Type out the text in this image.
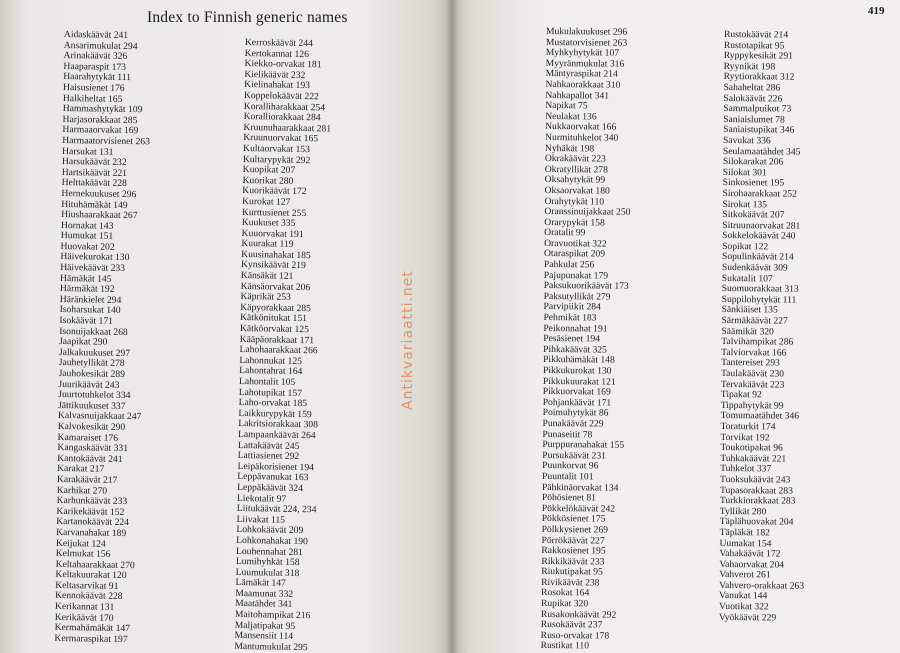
Index to Finnish generic names	419
Aidaskäävät 241
Ansarimukulat 294
Arinakäävät 326
Haaparaspit 173
Haarahytykät 111
Haisusienet 176
Halkiheltat 165
Hammashytykät 109
Harjasorakkaat 285
Harmaaorvakat 169
Harmaatorvisienet 263
Harsukat 131
Harsukäävät 232
Hartsikäävät 221
Helttakäävät 228
Hernekuukuset 296
Hituhämäkät 149
Hiushaarakkaat 267
Hornakat 143
Humukat 151
Huovakat 202
Häivekurokat 130
Häivekäävät 233
Hämäkät 145
Härmäkät 192
Häränkielet 294
Isoharsukat 140
Isokäävät 171
Isonuijakkaat 268
Jaapikat 290
Jalkakuukuset 297
Jauhetyllikät 278
Jauhokesikät 289
Juurikäävät 243
Juurtotuhkelot 334
Jättikuukuset 337
Kalvasnuijakkaat 247
Kalvokesikät 290
Kamaraiset 176
Kangaskäävät 331
Kantokäävät 241
Karakat 217
Karakäävät 217
Karhikat 270
Karhunkäävät 233
Karikekäävät 152
Kartanokäävät 224
Karvanahakat 189
Keijukat 124
Kelmukat 156
Keltahaarakkaat 270
Keltakuurakat 120
Keltasarvikat 91
Kennokäävät 228
Kerikannat 131
Kerikäävät 170
Kermahämäkät 147
Kermaraspikat 197
Kerroskäävät 244
Kertokannat 126
Kiekko-orvakat 181
Kielikäävät 232
Kielinahakat 193
Koppelokäävät 222
Koralliharakkaat 254
Koralliorakkaat 284
Kruunuhaarakkaat 281
Kruunuorvakat 165
Kultaorvakat 153
Kultarypykät 292
Kuopikat 207
Kuorikat 280
Kuorikäävät 172
Kurokat 127
Kurttusienet 255
Kuukuset 335
Kuuorvakat 191
Kuurakat 119
Kuusinahakat 185
Kynsikäävät 219
Känsäkät 121
Känsäorvakat 206
Käprikät 253
Käpyorakkaat 285
Kätkönitukat 151
Kätköorvakat 125
Kääpäorakkaat 171
Lahohaarakkaat 266
Lahonnukat 125
Lahontahrat 164
Lahontalit 105
Lahotupikat 157
Laho-orvakat 185
Laikkurypykät 159
Lakritsiorakkaat 308
Lampaankäävät 264
Lattakäävät 245
Lattiasienet 292
Leipäkorisienet 194
Leppävanukat 163
Leppäkäävät 324
Liekotalit 97
Liitukäävät 224, 234
Liivakat 115
Lohkokäävät 209
Lohkonahakat 190
Louhennahat 281
Lumihyhkät 158
Luumukulat 318
Lämäkät 147
Maamunat 332
Maatähdet 341
Maitohampikat 216
Maljatipakat 95
Mansensiit 114
Mantumukulat 295
Mukulakuukuset 296
Mustatorvisienet 263
Myhkyhytykät 107
Myyränmukulat 316
Mäntyraspikat 214
Nahkaorakkaat 310
Nahkapallot 341
Napikat 75
Neulakat 136
Nukkaorvakat 166
Nurmituhkelot 340
Nyhäkät 198
Okrakäävät 223
Okratyllikät 278
Oksahytykät 99
Oksaorvakat 180
Orahytykät 110
Oranssinuijakkaat 250
Orarypykät 158
Oratalit 99
Oravuotikat 322
Otaraspikat 209
Pahkulat 256
Pajupunakat 179
Paksukuorikäävät 173
Paksutyllikät 279
Parvipiikit 284
Pehmikät 183
Peikonnahat 191
Pesäsienet 194
Pihkakäävät 325
Pikkuhämäkät 148
Pikkukurokat 130
Pikkukuurakat 121
Pikkuorvakat 169
Pohjankäävät 171
Poimuhytykät 86
Punakäävät 229
Punaseitit 78
Purppuranahakat 155
Pursukäävät 231
Puunkorvat 96
Puuntalit 101
Pähkinäorvakat 134
Pöhösienet 81
Pökkelökäävät 242
Pökkösienet 175
Pölkkysienet 269
Pörrökäävät 227
Rakkosienet 195
Rikkikäävät 233
Riukutipakat 95
Rivikäävät 238
Rosokat 164
Rupikat 320
Rusakonkäävät 292
Rusokäävät 237
Ruso-orvakat 178
Rustikat 110
Rustokäävät 214
Rustotapikat 95
Ryppykesikät 291
Ryynikät 198
Ryytiorakkaat 312
Sahaheltat 286
Salokäävät 226
Sammalpuikot 73
Saniaislumet 78
Saniaistupikat 346
Savukat 336
Seulamaatähdet 345
Silokarakat 206
Silokat 301
Sinkosienet 195
Sirohaarakkaat 252
Sirokat 135
Sitkokäävät 207
Sitruunaorvakat 281
Sokkelokäävät 240
Sopikat 122
Sopulinkäävät 214
Sudenkäävät 309
Sukatalit 107
Suomuorakkaat 313
Suppilohytykät 111
Sänkiäiset 135
Särmäkäävät 227
Säämikät 320
Talvihampikat 286
Talviorvakat 166
Tantereiset 293
Taulakäävät 230
Tervakäävät 223
Tipakat 92
Tippahytykät 99
Tomumaatähdet 346
Toraturkit 174
Torvikat 192
Toukotipakat 96
Tuhkakäävät 221
Tuhkelot 337
Tuoksukäävät 243
Tupasorakkaat 283
Turkkiorakkaat 283
Tyllikät 280
Täplähuovakat 204
Täpläkät 182
Uumakat 154
Vahakäävät 172
Vahaorvakat 204
Vahverot 261
Vahvero-orakkaat 263
Vanukat 144
Vuotikat 322
Vyökäävät 229
Antikvariaatti.net
